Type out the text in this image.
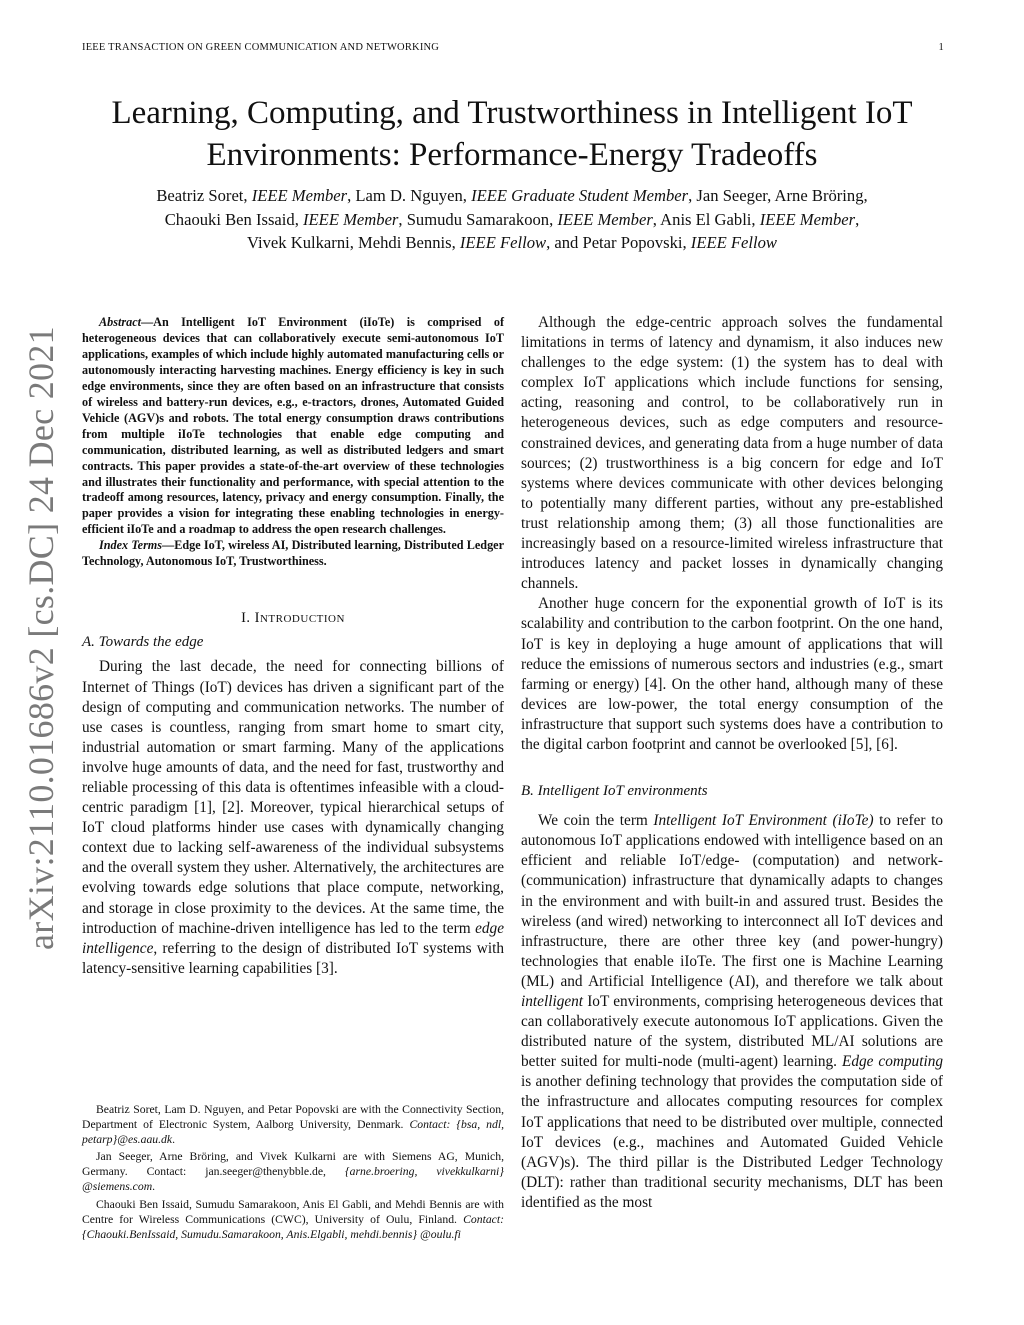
IEEE TRANSACTION ON GREEN COMMUNICATION AND NETWORKING	1
arXiv:2110.01686v2 [cs.DC] 24 Dec 2021
Learning, Computing, and Trustworthiness in Intelligent IoT
Environments: Performance-Energy Tradeoffs
Beatriz Soret, IEEE Member, Lam D. Nguyen, IEEE Graduate Student Member, Jan Seeger, Arne Bröring,
Chaouki Ben Issaid, IEEE Member, Sumudu Samarakoon, IEEE Member, Anis El Gabli, IEEE Member,
Vivek Kulkarni, Mehdi Bennis, IEEE Fellow, and Petar Popovski, IEEE Fellow

Abstract—An Intelligent IoT Environment (iIoTe) is comprised of heterogeneous devices that can collaboratively execute semi-autonomous IoT applications, examples of which include highly automated manufacturing cells or autonomously interacting harvesting machines. Energy efficiency is key in such edge environments, since they are often based on an infrastructure that consists of wireless and battery-run devices, e.g., e-tractors, drones, Automated Guided Vehicle (AGV)s and robots. The total energy consumption draws contributions from multiple iIoTe technologies that enable edge computing and communication, distributed learning, as well as distributed ledgers and smart contracts. This paper provides a state-of-the-art overview of these technologies and illustrates their functionality and performance, with special attention to the tradeoff among resources, latency, privacy and energy consumption. Finally, the paper provides a vision for integrating these enabling technologies in energy-efficient iIoTe and a roadmap to address the open research challenges.

Index Terms—Edge IoT, wireless AI, Distributed learning, Distributed Ledger Technology, Autonomous IoT, Trustworthiness.

I. INTRODUCTION
A. Towards the edge

During the last decade, the need for connecting billions of Internet of Things (IoT) devices has driven a significant part of the design of computing and communication networks. The number of use cases is countless, ranging from smart home to smart city, industrial automation or smart farming. Many of the applications involve huge amounts of data, and the need for fast, trustworthy and reliable processing of this data is oftentimes infeasible with a cloud-centric paradigm [1], [2]. Moreover, typical hierarchical setups of IoT cloud platforms hinder use cases with dynamically changing context due to lacking self-awareness of the individual subsystems and the overall system they usher. Alternatively, the architectures are evolving towards edge solutions that place compute, networking, and storage in close proximity to the devices. At the same time, the introduction of machine-driven intelligence has led to the term edge intelligence, referring to the design of distributed IoT systems with latency-sensitive learning capabilities [3].

Beatriz Soret, Lam D. Nguyen, and Petar Popovski are with the Connectivity Section, Department of Electronic System, Aalborg University, Denmark. Contact: {bsa, ndl, petarp}@es.aau.dk.

Jan Seeger, Arne Bröring, and Vivek Kulkarni are with Siemens AG, Munich, Germany. Contact: jan.seeger@thenybble.de, {arne.broering, vivekkulkarni} @siemens.com.

Chaouki Ben Issaid, Sumudu Samarakoon, Anis El Gabli, and Mehdi Bennis are with Centre for Wireless Communications (CWC), University of Oulu, Finland. Contact: {Chaouki.BenIssaid, Sumudu.Samarakoon, Anis.Elgabli, mehdi.bennis} @oulu.fi

Although the edge-centric approach solves the fundamental limitations in terms of latency and dynamism, it also induces new challenges to the edge system: (1) the system has to deal with complex IoT applications which include functions for sensing, acting, reasoning and control, to be collaboratively run in heterogeneous devices, such as edge computers and resource-constrained devices, and generating data from a huge number of data sources; (2) trustworthiness is a big concern for edge and IoT systems where devices communicate with other devices belonging to potentially many different parties, without any pre-established trust relationship among them; (3) all those functionalities are increasingly based on a resource-limited wireless infrastructure that introduces latency and packet losses in dynamically changing channels.

Another huge concern for the exponential growth of IoT is its scalability and contribution to the carbon footprint. On the one hand, IoT is key in deploying a huge amount of applications that will reduce the emissions of numerous sectors and industries (e.g., smart farming or energy) [4]. On the other hand, although many of these devices are low-power, the total energy consumption of the infrastructure that support such systems does have a contribution to the digital carbon footprint and cannot be overlooked [5], [6].

B. Intelligent IoT environments

We coin the term Intelligent IoT Environment (iIoTe) to refer to autonomous IoT applications endowed with intelligence based on an efficient and reliable IoT/edge- (computation) and network- (communication) infrastructure that dynamically adapts to changes in the environment and with built-in and assured trust. Besides the wireless (and wired) networking to interconnect all IoT devices and infrastructure, there are other three key (and power-hungry) technologies that enable iIoTe. The first one is Machine Learning (ML) and Artificial Intelligence (AI), and therefore we talk about intelligent IoT environments, comprising heterogeneous devices that can collaboratively execute autonomous IoT applications. Given the distributed nature of the system, distributed ML/AI solutions are better suited for multi-node (multi-agent) learning. Edge computing is another defining technology that provides the computation side of the infrastructure and allocates computing resources for complex IoT applications that need to be distributed over multiple, connected IoT devices (e.g., machines and Automated Guided Vehicle (AGV)s). The third pillar is the Distributed Ledger Technology (DLT): rather than traditional security mechanisms, DLT has been identified as the most
